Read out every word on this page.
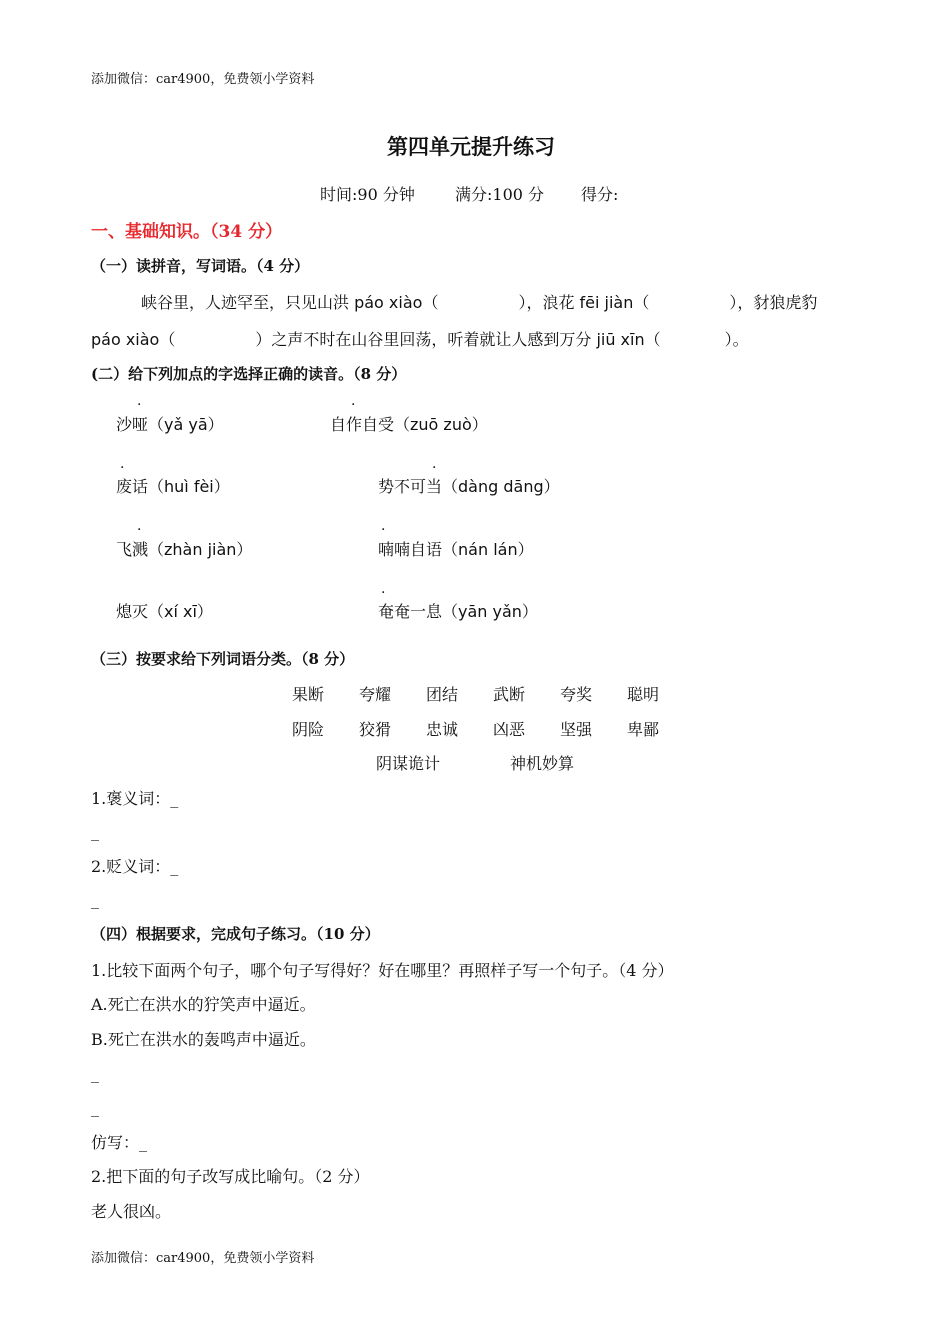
添加微信：car4900，免费领小学资料
第四单元提升练习
时间:90 分钟	满分:100 分 得分:
一、基础知识。（34 分）
（一）读拼音，写词语。（4 分）
峡谷里，人迹罕至，只见山洪 páo xiào（　　　　　），浪花 fēi jiàn（　　　　　），豺狼虎豹
páo xiào（　　　　　）之声不时在山谷里回荡，听着就让人感到万分 jiū xīn（　　　　）。
(二）给下列加点的字选择正确的读音。（8 分）
沙哑（yǎ yā）
·
自作自受（zuō zuò）
·
废话（huì fèi）
·
势不可当（dàng dāng）
·
飞溅（zhàn jiàn）
·
喃喃自语（nán lán）
·
熄灭（xí xī）	奄奄一息（yān yǎn）
·
（三）按要求给下列词语分类。（8 分）
果断 夸耀 团结 武断 夸奖 聪明
阴险 狡猾 忠诚 凶恶 坚强 卑鄙
阴谋诡计	神机妙算
1.褒义词：_
_
2.贬义词：_
_
（四）根据要求，完成句子练习。（10 分）
1.比较下面两个句子，哪个句子写得好？好在哪里？再照样子写一个句子。（4 分）
A.死亡在洪水的狞笑声中逼近。
B.死亡在洪水的轰鸣声中逼近。
_
_
仿写：_
2.把下面的句子改写成比喻句。（2 分）
老人很凶。
添加微信：car4900，免费领小学资料
